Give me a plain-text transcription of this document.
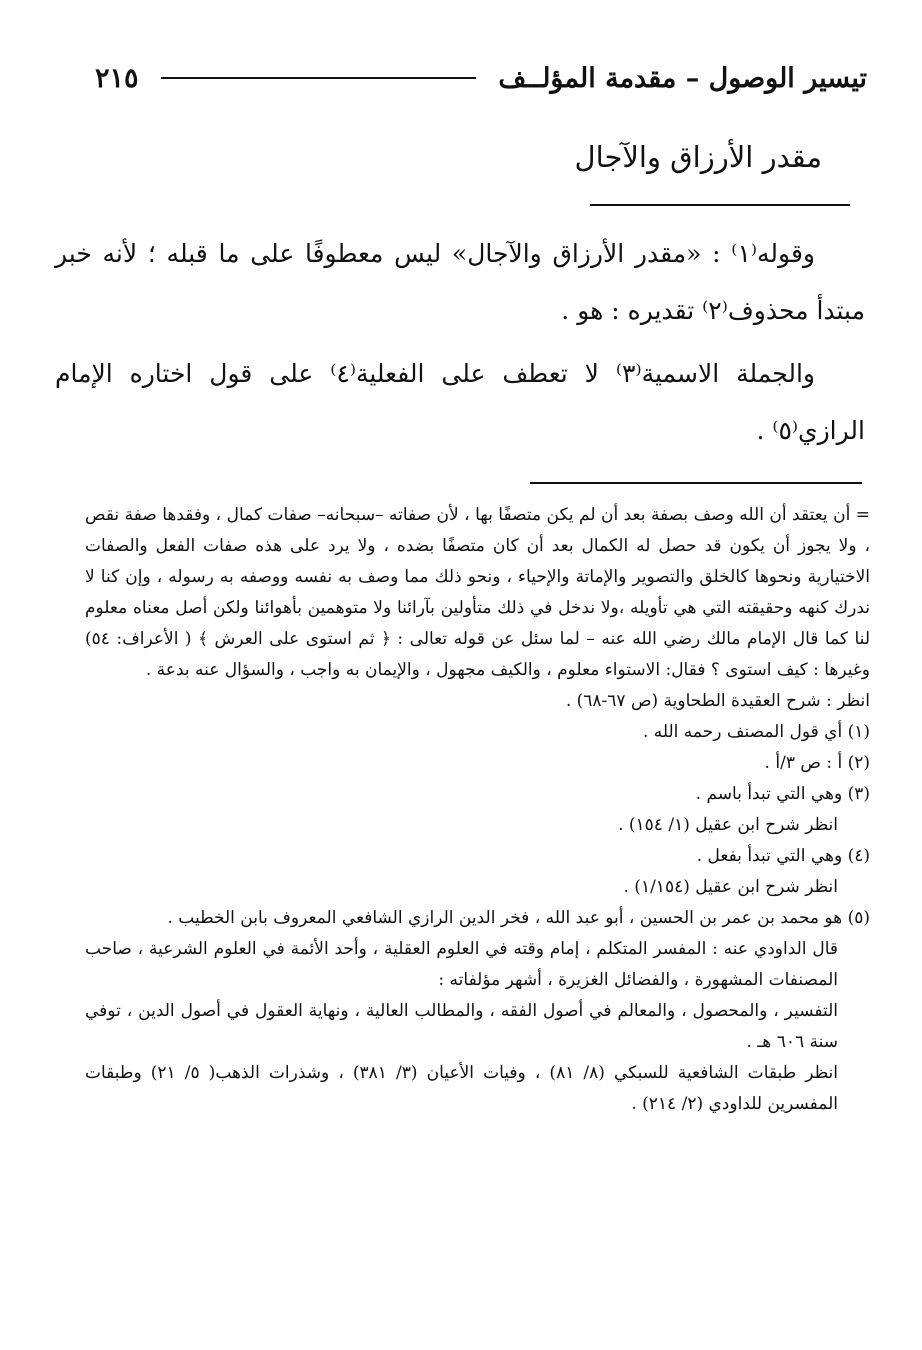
تيسير الوصول – مقدمة المؤلــف
٢١٥
مقدر الأرزاق والآجال

وقوله⁽١⁾ : «مقدر الأرزاق والآجال» ليس معطوفًا على ما قبله ؛ لأنه خبر مبتدأ محذوف⁽٢⁾ تقديره : هو .

والجملة الاسمية⁽٣⁾ لا تعطف على الفعلية⁽٤⁾ على قول اختاره الإمام الرازي⁽٥⁾ .

= أن يعتقد أن الله وصف بصفة بعد أن لم يكن متصفًا بها ، لأن صفاته –سبحانه– صفات كمال ، وفقدها صفة نقص ، ولا يجوز أن يكون قد حصل له الكمال بعد أن كان متصفًا بضده ، ولا يرد على هذه صفات الفعل والصفات الاختيارية ونحوها كالخلق والتصوير والإماتة والإحياء ، ونحو ذلك مما وصف به نفسه ووصفه به رسوله ، وإن كنا لا ندرك كنهه وحقيقته التي هي تأويله ،ولا ندخل في ذلك متأولين بآرائنا ولا متوهمين بأهوائنا ولكن أصل معناه معلوم لنا كما قال الإمام مالك رضي الله عنه – لما سئل عن قوله تعالى : ﴿ ثم استوى على العرش ﴾ ( الأعراف: ٥٤) وغيرها : كيف استوى ؟ فقال: الاستواء معلوم ، والكيف مجهول ، والإيمان به واجب ، والسؤال عنه بدعة .

انظر : شرح العقيدة الطحاوية (ص ٦٧-٦٨) .

(١) أي قول المصنف رحمه الله .

(٢) أ : ص ٣/أ .

(٣) وهي التي تبدأ باسم .

انظر شرح ابن عقيل (١/ ١٥٤) .

(٤) وهي التي تبدأ بفعل .

انظر شرح ابن عقيل (١/١٥٤) .

(٥) هو محمد بن عمر بن الحسين ، أبو عبد الله ، فخر الدين الرازي الشافعي المعروف بابن الخطيب .

قال الداودي عنه : المفسر المتكلم ، إمام وقته في العلوم العقلية ، وأحد الأئمة في العلوم الشرعية ، صاحب المصنفات المشهورة ، والفضائل الغزيرة ، أشهر مؤلفاته :

التفسير ، والمحصول ، والمعالم في أصول الفقه ، والمطالب العالية ، ونهاية العقول في أصول الدين ، توفي سنة ٦٠٦ هـ .

انظر طبقات الشافعية للسبكي (٨/ ٨١) ، وفيات الأعيان (٣/ ٣٨١) ، وشذرات الذهب( ٥/ ٢١) وطبقات المفسرين للداودي (٢/ ٢١٤) .
